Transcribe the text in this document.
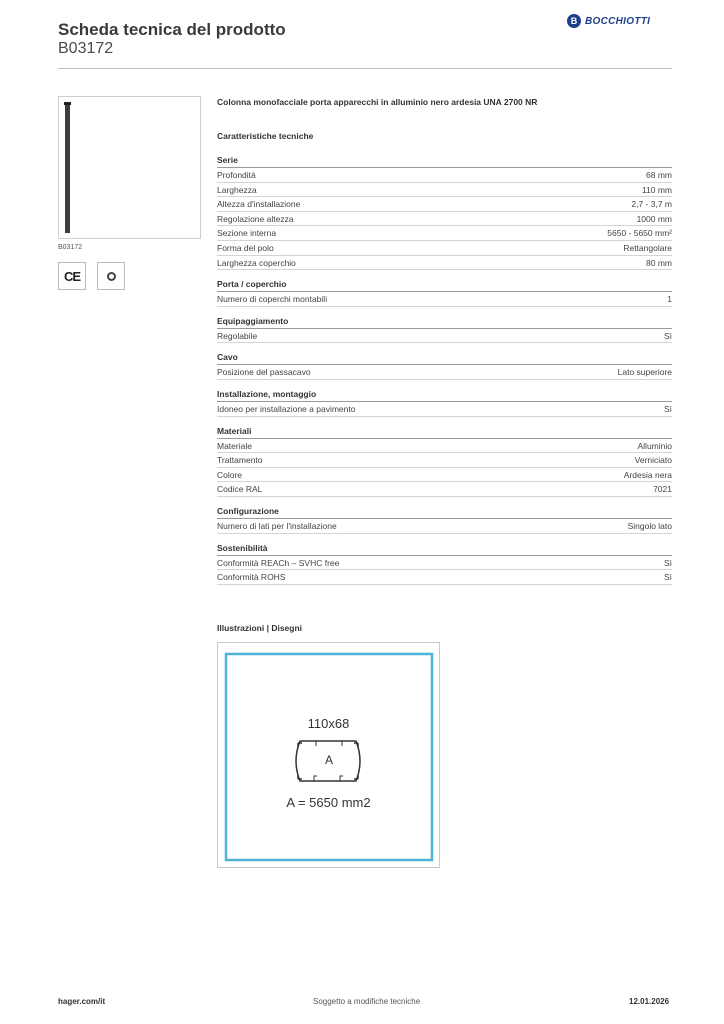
Scheda tecnica del prodotto
B03172
B BOCCHIOTTI
B03172
CE
Colonna monofacciale porta apparecchi in alluminio nero ardesia UNA 2700 NR
Caratteristiche tecniche
Serie
Profondità	68 mm
Larghezza	110 mm
Altezza d'installazione	2,7 - 3,7 m
Regolazione altezza	1000 mm
Sezione interna	5650 - 5650 mm²
Forma del polo	Rettangolare
Larghezza coperchio	80 mm
Porta / coperchio
Numero di coperchi montabili	1
Equipaggiamento
Regolabile	Sì
Cavo
Posizione del passacavo	Lato superiore
Installazione, montaggio
Idoneo per installazione a pavimento	Sì
Materiali
Materiale	Alluminio
Trattamento	Verniciato
Colore	Ardesia nera
Codice RAL	7021
Configurazione
Numero di lati per l'installazione	Singolo lato
Sostenibilità
Conformità REACh – SVHC free	Sì
Conformità ROHS	Sì
Illustrazioni | Disegni
A
110x68
A = 5650 mm2
hager.com/it	Soggetto a modifiche tecniche	12.01.2026
